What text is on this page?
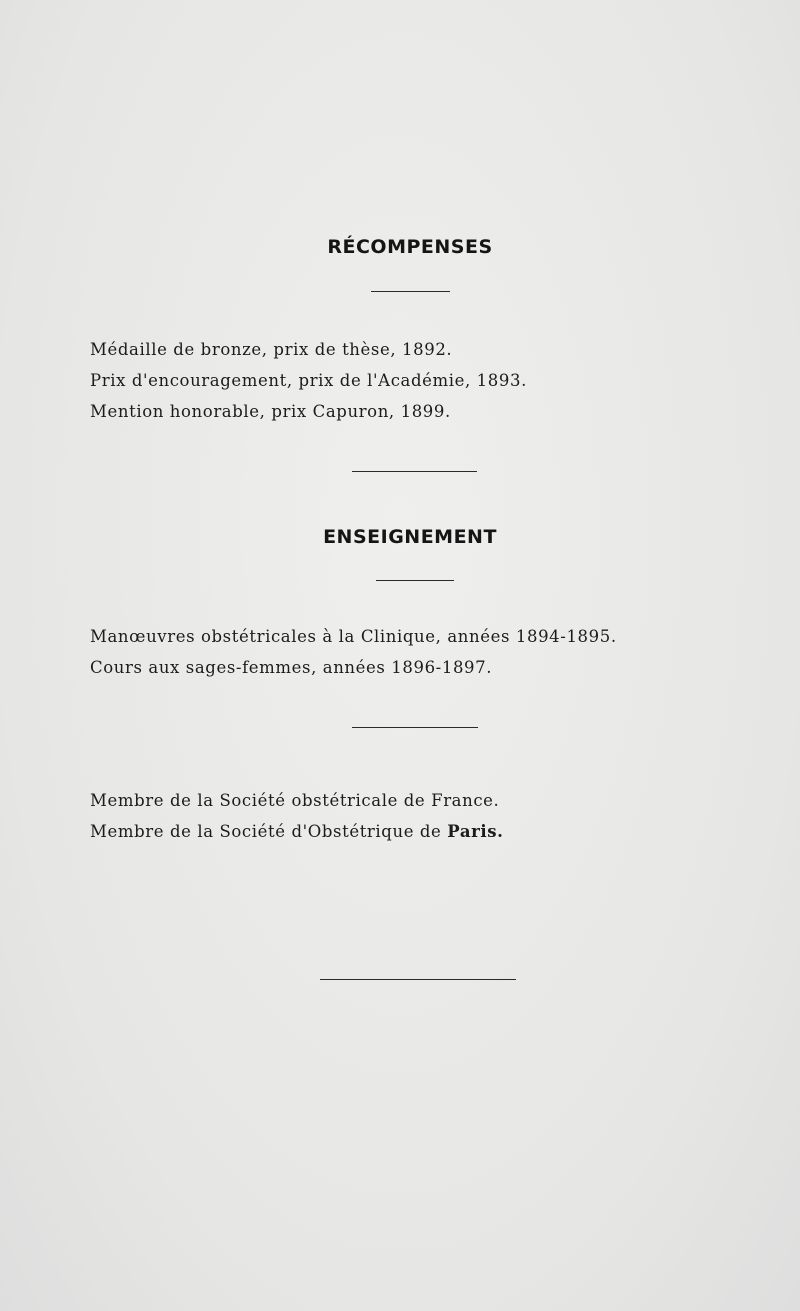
RÉCOMPENSES

Médaille de bronze, prix de thèse, 1892.

Prix d'encouragement, prix de l'Académie, 1893.

Mention honorable, prix Capuron, 1899.

ENSEIGNEMENT

Manœuvres obstétricales à la Clinique, années 1894-1895.

Cours aux sages-femmes, années 1896-1897.

Membre de la Société obstétricale de France.

Membre de la Société d'Obstétrique de Paris.
